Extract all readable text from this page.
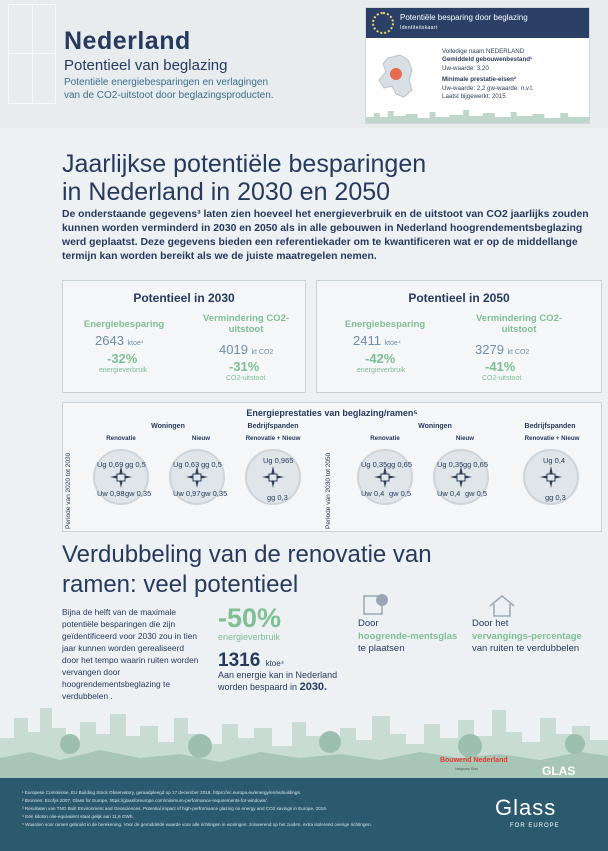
Nederland
Potentieel van beglazing
Potentiële energiebesparingen en verlagingen van de CO2-uitstoot door beglazingsproducten.
Potentiële besparing door beglazing
Identiteitskaart
Volledige naam NEDERLAND
Gemiddeld gebouwenbestand¹
Uw-waarde: 3,20
Minimale prestatie-eisen²
Uw-waarde: 2,2 gw-waarde: n.v.t.
Laatst bijgewerkt: 2015
Jaarlijkse potentiële besparingen
in Nederland in 2030 en 2050
De onderstaande gegevens³ laten zien hoeveel het energieverbruik en de uitstoot van CO2 jaarlijks zouden kunnen worden verminderd in 2030 en 2050 als in alle gebouwen in Nederland hoogrendementsbeglazing werd geplaatst. Deze gegevens bieden een referentiekader om te kwantificeren wat er op de middellange termijn kan worden bereikt als we de juiste maatregelen nemen.
Potentieel in 2030
Energiebesparing
2643 ktoe⁴
-32%
energieverbruik
Vermindering CO2-uitstoot
4019 kt CO2
-31%
CO2-uitstoot
Potentieel in 2050
Energiebesparing
2411 ktoe⁴
-42%
energieverbruik
Vermindering CO2-uitstoot
3279 kt CO2
-41%
CO2-uitstoot
Energieprestaties van beglazing/ramen⁵
Periode van 2020 tot 2030	Periode van 2030 tot 2050
Woningen	Bedrijfspanden
Renovatie	Nieuw	Renovatie + Nieuw
Woningen	Bedrijfspanden
Renovatie	Nieuw	Renovatie + Nieuw
Ug 0,69 gg 0,5
Uw 0,98 gw 0,35
Ug 0,63 gg 0,5
Uw 0,97 gw 0,35
Ug 0,965
gg 0,3
Ug 0,35 gg 0,65
Uw 0,4 gw 0,5
Ug 0,35 gg 0,65
Uw 0,4 gw 0,5
Ug 0,4
gg 0,3
Verdubbeling van de renovatie van
ramen: veel potentieel
Bijna de helft van de maximale potentiële besparingen die zijn geïdentificeerd voor 2030 zou in tien jaar kunnen worden gerealiseerd door het tempo waarin ruiten worden vervangen door hoogrendementsbeglazing te verdubbelen .
-50%
energieverbruik
1316 ktoe⁴
Aan energie kan in Nederland worden bespaard in 2030.
Door
hoogrende-mentsglas
te plaatsen
Door het
vervangings-percentage van ruiten te verdubbelen
Bouwend Nederland
Vakgroep Glas	GLAS
¹ Europese Commissie, EU Building Stock Observatory, geraadpleegd op 17 december 2018, https://ec.europa.eu/energy/en/eubuildings.
² Bronnen: Ecofys 2007, Glass for Europe, https://glassforeurope.com/minimum-performance-requirements-for-windows/.
³ Resultaten van TNO Built Environment and Geosciences, Potential impact of high-performance glazing on energy and CO2 savings in Europe, 2019.
⁴ Eén kiloton olie-equivalent staat gelijk aan 11,6 GWh.
⁵ Waarden voor ramen gebruikt in de berekening. Voor de gemiddelde waarde voor alle richtingen in woningen: zonwerend op het zuiden, extra isolerend overige richtingen.
Glass
FOR EUROPE
